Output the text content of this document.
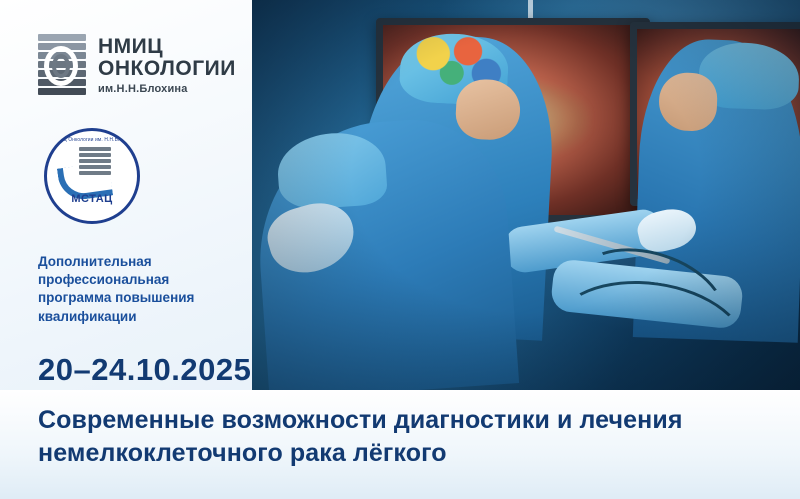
НМИЦ
ОНКОЛОГИИ
им.Н.Н.Блохина
МСТАЦ Онкологии им. Н.Н.Блохина
МСТАЦ
Дополнительная профессиональная программа повышения квалификации
20–24.10.2025
Современные возможности диагностики и лечения немелкоклеточного рака лёгкого
